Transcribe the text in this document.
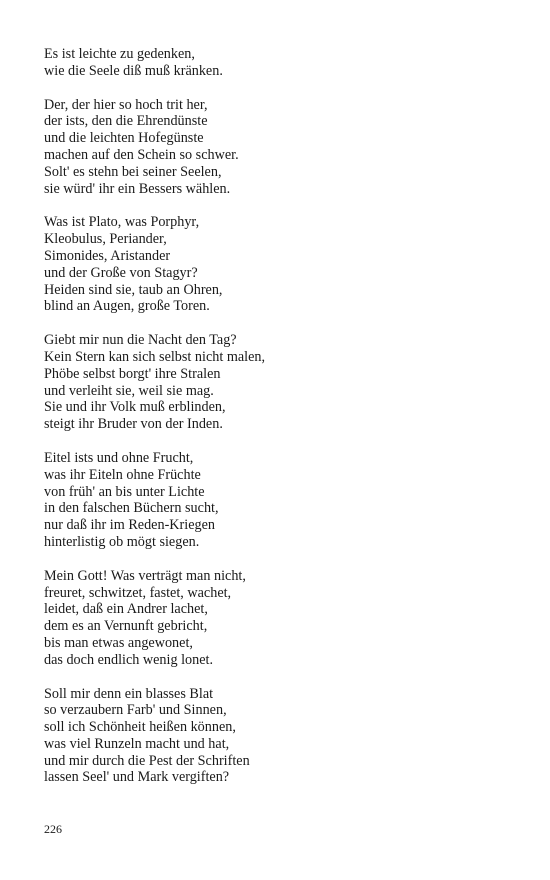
Es ist leichte zu gedenken,
wie die Seele diß muß kränken.
Der, der hier so hoch trit her,
der ists, den die Ehrendünste
und die leichten Hofegünste
machen auf den Schein so schwer.
Solt' es stehn bei seiner Seelen,
sie würd' ihr ein Bessers wählen.
Was ist Plato, was Porphyr,
Kleobulus, Periander,
Simonides, Aristander
und der Große von Stagyr?
Heiden sind sie, taub an Ohren,
blind an Augen, große Toren.
Giebt mir nun die Nacht den Tag?
Kein Stern kan sich selbst nicht malen,
Phöbe selbst borgt' ihre Stralen
und verleiht sie, weil sie mag.
Sie und ihr Volk muß erblinden,
steigt ihr Bruder von der Inden.
Eitel ists und ohne Frucht,
was ihr Eiteln ohne Früchte
von früh' an bis unter Lichte
in den falschen Büchern sucht,
nur daß ihr im Reden-Kriegen
hinterlistig ob mögt siegen.
Mein Gott! Was verträgt man nicht,
freuret, schwitzet, fastet, wachet,
leidet, daß ein Andrer lachet,
dem es an Vernunft gebricht,
bis man etwas angewonet,
das doch endlich wenig lonet.
Soll mir denn ein blasses Blat
so verzaubern Farb' und Sinnen,
soll ich Schönheit heißen können,
was viel Runzeln macht und hat,
und mir durch die Pest der Schriften
lassen Seel' und Mark vergiften?
226
